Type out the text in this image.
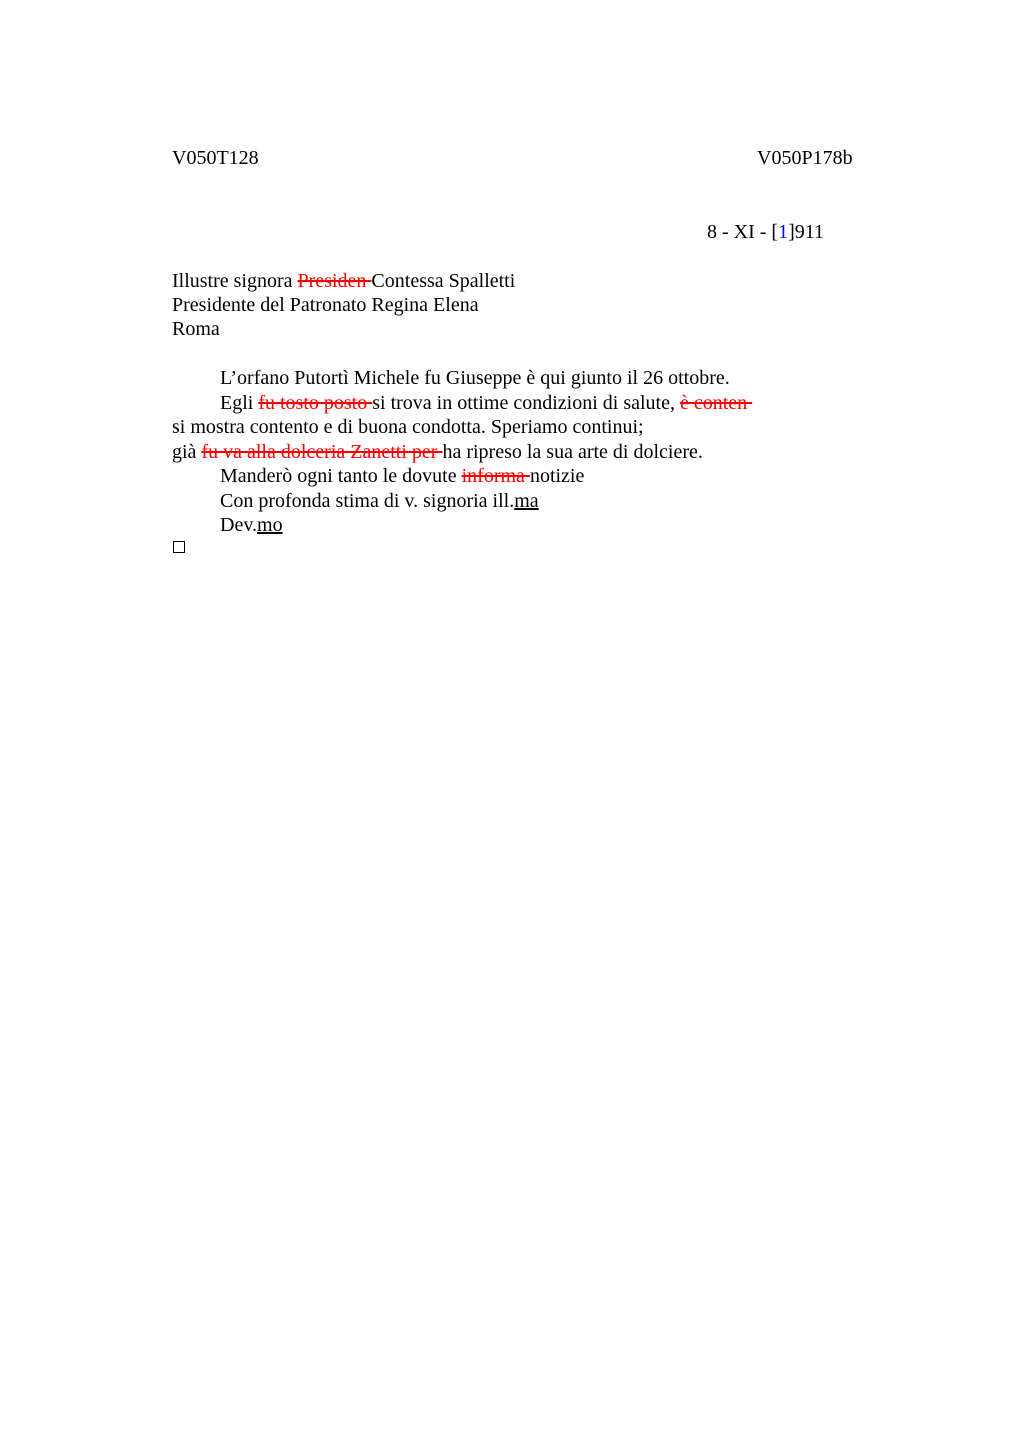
V050T128	V050P178b
8 - XI - [1]911
Illustre signora Presiden Contessa Spalletti
Presidente del Patronato Regina Elena
Roma
L’orfano Putortì Michele fu Giuseppe è qui giunto il 26 ottobre.
Egli fu tosto posto si trova in ottime condizioni di salute, è conten
si mostra contento e di buona condotta. Speriamo continui;
già fu va alla dolceria Zanetti per ha ripreso la sua arte di dolciere.
Manderò ogni tanto le dovute informa notizie
Con profonda stima di v. signoria ill.ma
Dev.mo
